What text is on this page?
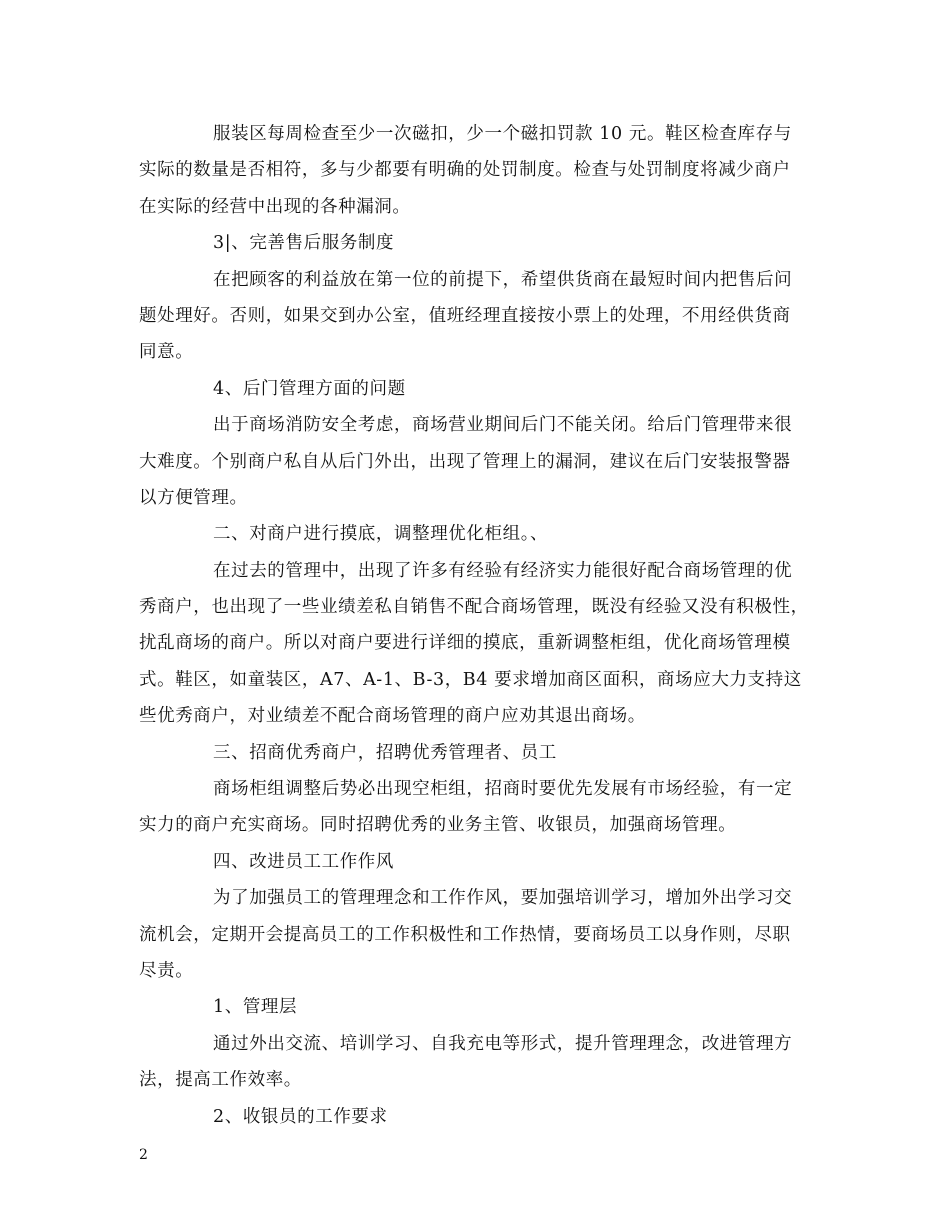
服装区每周检查至少一次磁扣，少一个磁扣罚款 10 元。鞋区检查库存与
实际的数量是否相符，多与少都要有明确的处罚制度。检查与处罚制度将减少商户
在实际的经营中出现的各种漏洞。
3|、完善售后服务制度
在把顾客的利益放在第一位的前提下，希望供货商在最短时间内把售后问
题处理好。否则，如果交到办公室，值班经理直接按小票上的处理，不用经供货商
同意。
4、后门管理方面的问题
出于商场消防安全考虑，商场营业期间后门不能关闭。给后门管理带来很
大难度。个别商户私自从后门外出，出现了管理上的漏洞，建议在后门安装报警器
以方便管理。
二、对商户进行摸底，调整理优化柜组。、
在过去的管理中，出现了许多有经验有经济实力能很好配合商场管理的优
秀商户，也出现了一些业绩差私自销售不配合商场管理，既没有经验又没有积极性，
扰乱商场的商户。所以对商户要进行详细的摸底，重新调整柜组，优化商场管理模
式。鞋区，如童装区，A7、A-1、B-3，B4 要求增加商区面积，商场应大力支持这
些优秀商户，对业绩差不配合商场管理的商户应劝其退出商场。
三、招商优秀商户，招聘优秀管理者、员工
商场柜组调整后势必出现空柜组，招商时要优先发展有市场经验，有一定
实力的商户充实商场。同时招聘优秀的业务主管、收银员，加强商场管理。
四、改进员工工作作风
为了加强员工的管理理念和工作作风，要加强培训学习，增加外出学习交
流机会，定期开会提高员工的工作积极性和工作热情，要商场员工以身作则，尽职
尽责。
1、管理层
通过外出交流、培训学习、自我充电等形式，提升管理理念，改进管理方
法，提高工作效率。
2、收银员的工作要求
2
